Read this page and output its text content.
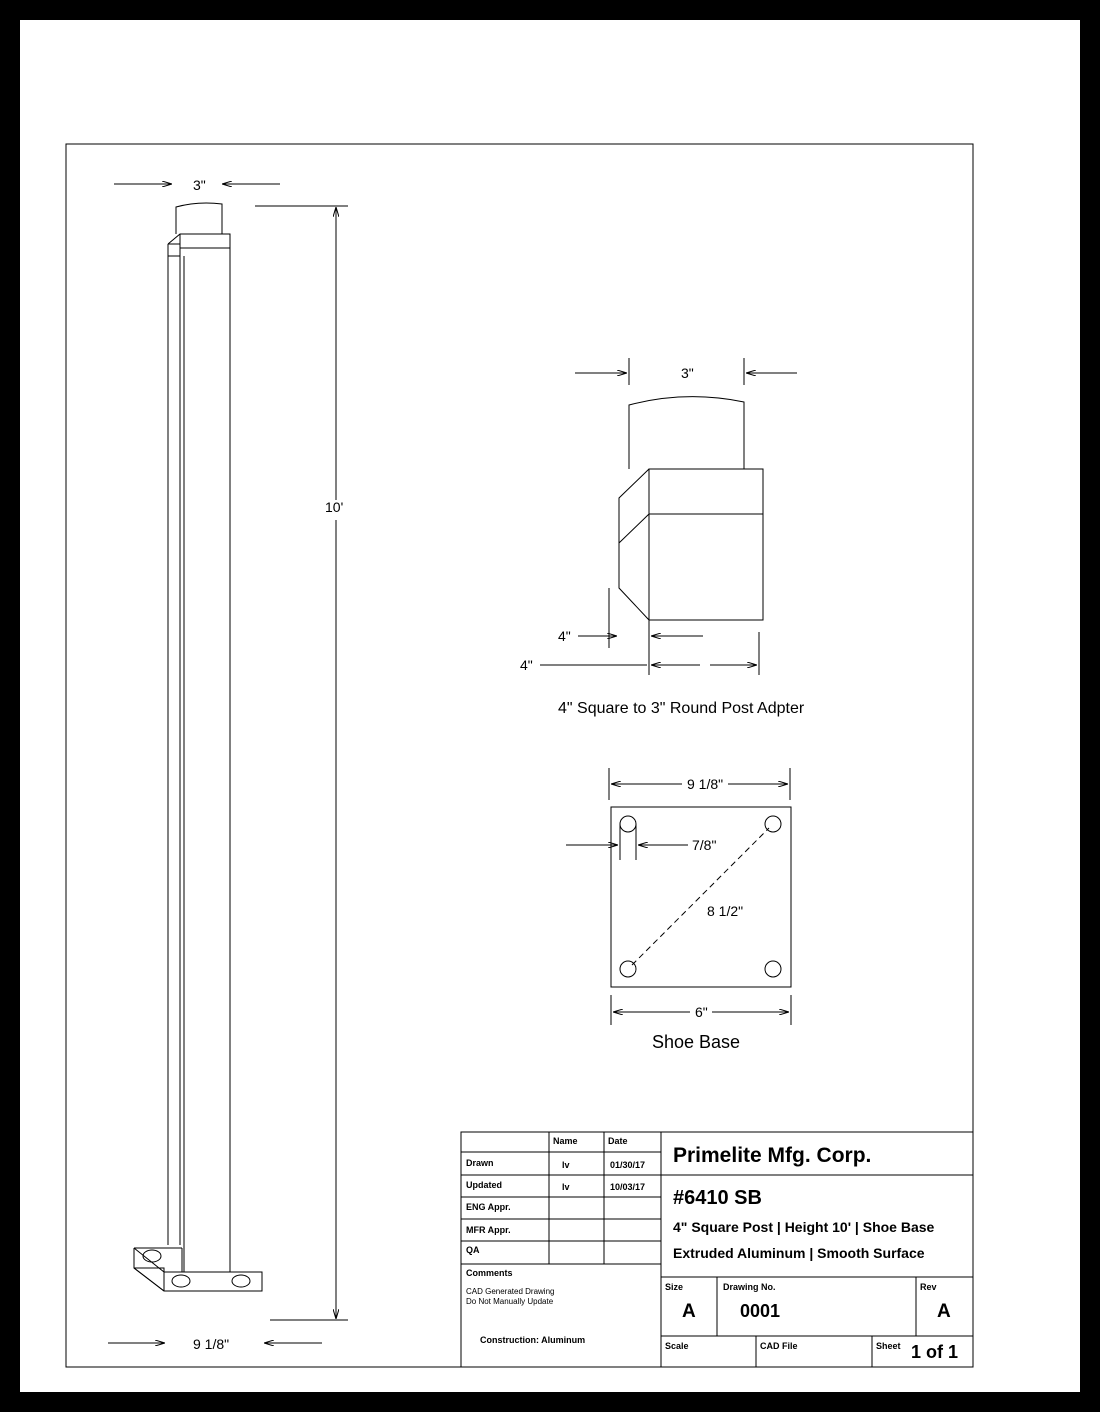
3"
10'
9 1/8"
3"
4"
4"
4" Square to 3" Round Post Adpter
9 1/8"
7/8"
8 1/2"
6"
Shoe Base
Name	Date
Drawn	lv	01/30/17
Updated	lv	10/03/17
ENG Appr.
MFR Appr.
QA
Comments
CAD Generated Drawing
Do Not Manually Update
Construction: Aluminum
Primelite Mfg. Corp.
#6410 SB
4" Square Post | Height 10' | Shoe Base
Extruded Aluminum | Smooth Surface
Size
A
Drawing No.
0001
Rev
A
Scale	CAD File	Sheet 1 of 1
